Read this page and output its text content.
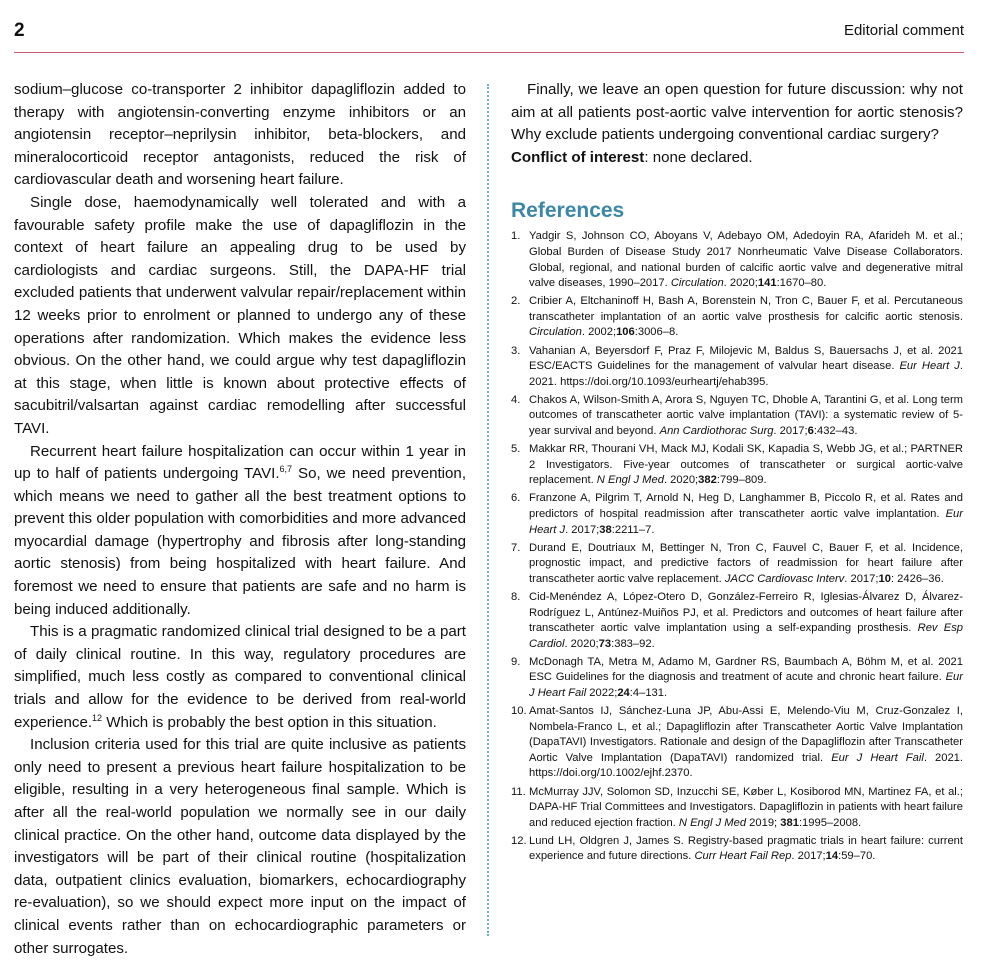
2	Editorial comment

sodium–glucose co-transporter 2 inhibitor dapagliflozin added to therapy with angiotensin-converting enzyme inhibitors or an angiotensin receptor–neprilysin inhibitor, beta-blockers, and mineralocorticoid receptor antagonists, reduced the risk of cardiovascular death and worsening heart failure.

Single dose, haemodynamically well tolerated and with a favourable safety profile make the use of dapagliflozin in the context of heart failure an appealing drug to be used by cardiologists and cardiac surgeons. Still, the DAPA-HF trial excluded patients that underwent valvular repair/replacement within 12 weeks prior to enrolment or planned to undergo any of these operations after randomization. Which makes the evidence less obvious. On the other hand, we could argue why test dapagliflozin at this stage, when little is known about protective effects of sacubitril/valsartan against cardiac remodelling after successful TAVI.

Recurrent heart failure hospitalization can occur within 1 year in up to half of patients undergoing TAVI.$^{6,7}$ So, we need prevention, which means we need to gather all the best treatment options to prevent this older population with comorbidities and more advanced myocardial damage (hypertrophy and fibrosis after long-standing aortic stenosis) from being hospitalized with heart failure. And foremost we need to ensure that patients are safe and no harm is being induced additionally.

This is a pragmatic randomized clinical trial designed to be a part of daily clinical routine. In this way, regulatory procedures are simplified, much less costly as compared to conventional clinical trials and allow for the evidence to be derived from real-world experience.$^{12}$ Which is probably the best option in this situation.

Inclusion criteria used for this trial are quite inclusive as patients only need to present a previous heart failure hospitalization to be eligible, resulting in a very heterogeneous final sample. Which is after all the real-world population we normally see in our daily clinical practice. On the other hand, outcome data displayed by the investigators will be part of their clinical routine (hospitalization data, outpatient clinics evaluation, biomarkers, echocardiography re-evaluation), so we should expect more input on the impact of clinical events rather than on echocardiographic parameters or other surrogates.

Finally, we leave an open question for future discussion: why not aim at all patients post-aortic valve intervention for aortic stenosis? Why exclude patients undergoing conventional cardiac surgery?

Conflict of interest: none declared.

References
1. Yadgir S, Johnson CO, Aboyans V, Adebayo OM, Adedoyin RA, Afarideh M. et al.; Global Burden of Disease Study 2017 Nonrheumatic Valve Disease Collaborators. Global, regional, and national burden of calcific aortic valve and degenerative mitral valve diseases, 1990–2017. Circulation. 2020;141:1670–80.
2. Cribier A, Eltchaninoff H, Bash A, Borenstein N, Tron C, Bauer F, et al. Percutaneous transcatheter implantation of an aortic valve prosthesis for calcific aortic stenosis. Circulation. 2002;106:3006–8.
3. Vahanian A, Beyersdorf F, Praz F, Milojevic M, Baldus S, Bauersachs J, et al. 2021 ESC/EACTS Guidelines for the management of valvular heart disease. Eur Heart J. 2021. https://doi.org/10.1093/eurheartj/ehab395.
4. Chakos A, Wilson-Smith A, Arora S, Nguyen TC, Dhoble A, Tarantini G, et al. Long term outcomes of transcatheter aortic valve implantation (TAVI): a systematic review of 5-year survival and beyond. Ann Cardiothorac Surg. 2017;6:432–43.
5. Makkar RR, Thourani VH, Mack MJ, Kodali SK, Kapadia S, Webb JG, et al.; PARTNER 2 Investigators. Five-year outcomes of transcatheter or surgical aortic-valve replacement. N Engl J Med. 2020;382:799–809.
6. Franzone A, Pilgrim T, Arnold N, Heg D, Langhammer B, Piccolo R, et al. Rates and predictors of hospital readmission after transcatheter aortic valve implantation. Eur Heart J. 2017;38:2211–7.
7. Durand E, Doutriaux M, Bettinger N, Tron C, Fauvel C, Bauer F, et al. Incidence, prognostic impact, and predictive factors of readmission for heart failure after transcatheter aortic valve replacement. JACC Cardiovasc Interv. 2017;10: 2426–36.
8. Cid-Menéndez A, López-Otero D, González-Ferreiro R, Iglesias-Álvarez D, Álvarez-Rodríguez L, Antúnez-Muiños PJ, et al. Predictors and outcomes of heart failure after transcatheter aortic valve implantation using a self-expanding prosthesis. Rev Esp Cardiol. 2020;73:383–92.
9. McDonagh TA, Metra M, Adamo M, Gardner RS, Baumbach A, Böhm M, et al. 2021 ESC Guidelines for the diagnosis and treatment of acute and chronic heart failure. Eur J Heart Fail 2022;24:4–131.
10. Amat-Santos IJ, Sánchez-Luna JP, Abu-Assi E, Melendo-Viu M, Cruz-Gonzalez I, Nombela-Franco L, et al.; Dapagliflozin after Transcatheter Aortic Valve Implantation (DapaTAVI) Investigators. Rationale and design of the Dapagliflozin after Transcatheter Aortic Valve Implantation (DapaTAVI) randomized trial. Eur J Heart Fail. 2021. https://doi.org/10.1002/ejhf.2370.
11. McMurray JJV, Solomon SD, Inzucchi SE, Køber L, Kosiborod MN, Martinez FA, et al.; DAPA-HF Trial Committees and Investigators. Dapagliflozin in patients with heart failure and reduced ejection fraction. N Engl J Med 2019; 381:1995–2008.
12. Lund LH, Oldgren J, James S. Registry-based pragmatic trials in heart failure: current experience and future directions. Curr Heart Fail Rep. 2017;14:59–70.
